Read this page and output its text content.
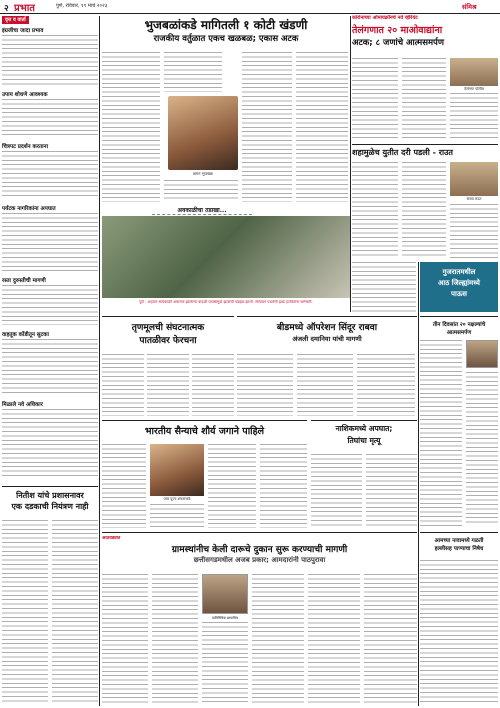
२ प्रभात	पुणे, रविवार, १९ मार्च २०२३	संमिश्र
वृत्त व वार्ता
इंग्रजीचा जादा प्रभाव
उपाय शोधणे आवश्यक
चित्रपट प्रदर्शन करताना
पर्यटक नागरिकांना अपघात
रस्ता दुरुस्तीची मागणी
वाहतूक कोंडीतून सुटका
मिळाले नवे अधिकार
नितीश यांचे प्रशासनावर
एक दडकाची नियंत्रण नाही
भुजबळांकडे मागितली १ कोटी खंडणी
राजकीय वर्तुळात एकच खळबळ; एकास अटक
छगन भुजबळ
अवकाळीचा तडाखा...
पुणे : शहरात सायंकाळी अचानक झालेल्या वादळी पावसामुळे झाडांची पडझड झाली. रस्त्यावर पडलेली झाडे हटविताना कर्मचारी.
कोरोनाच्या ओमायक्रॉनचे नवे व्हेरियंट
तेलंगणात २० माओवाद्यांना
अटक; ८ जणांचे आत्मसमर्पण
तेलंगणा पोलीस
शहामुळेच युतीत दरी पडली - राउत
संजय राउत
गुजरातमधील
आठ जिल्ह्यांमध्ये
पाऊस
तृणमूलची संघटनात्मक
पातळीवर फेरचना
बीडमध्ये ऑपरेशन सिंदूर राबवा
अंजली दमानिया यांची मागणी
तीन दिवसांत २० नक्षल्यांचे
आत्मसमर्पण
भारतीय सैन्याचे शौर्य जगाने पाहिले
परम पूज्य शंकराचार्य
नाशिकमध्ये अपघात;
तिघांचा मृत्यू
आठवड्यात
ग्रामस्थांनीच केली दारूचे दुकान सुरू करण्याची मागणी
छत्तीसगडमधील अजब प्रकार; आमदारांनी पाठपुरावा
प्रातिनिधिक छायाचित्र
आमच्या नावामध्ये गळती
हल्लीसह पाण्याचा निषेध
